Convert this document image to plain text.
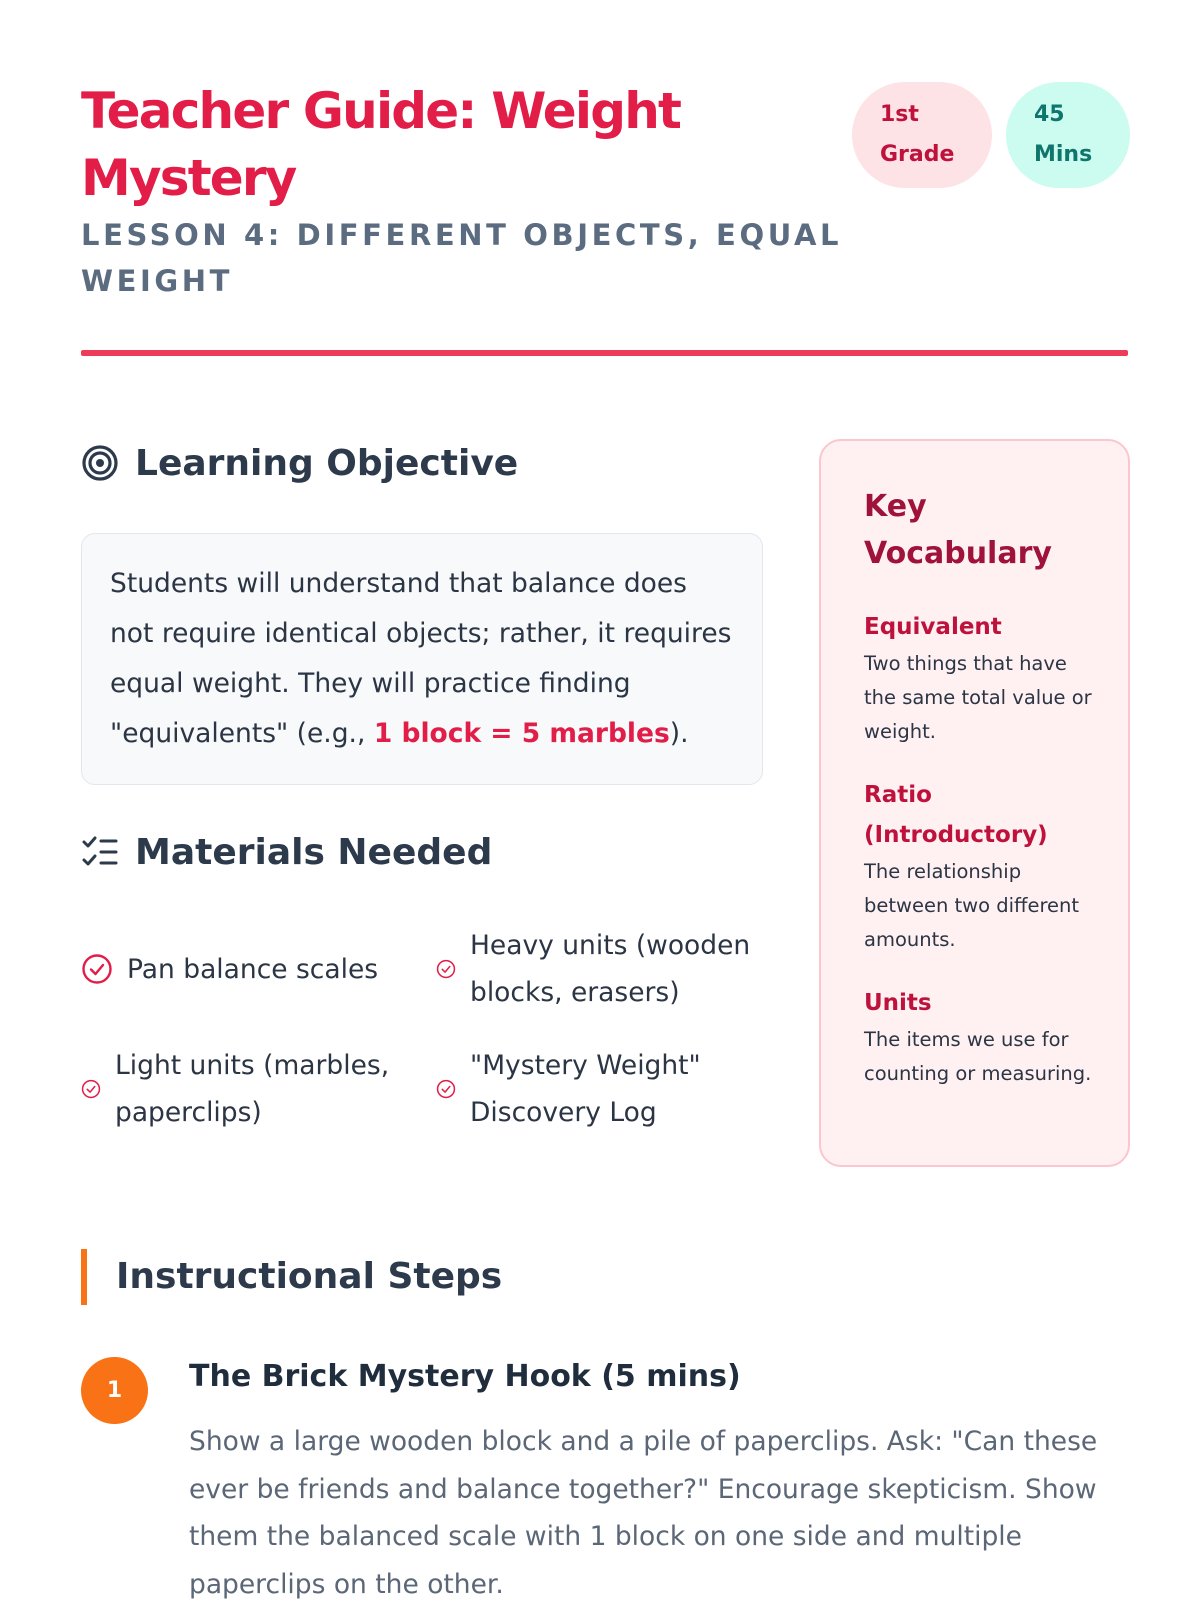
Teacher Guide: Weight Mystery
LESSON 4: DIFFERENT OBJECTS, EQUAL WEIGHT
1st Grade
45 Mins
Learning Objective
Students will understand that balance does not require identical objects; rather, it requires equal weight. They will practice finding "equivalents" (e.g., 1 block = 5 marbles).
Materials Needed
Pan balance scales
Heavy units (wooden blocks, erasers)
Light units (marbles, paperclips)
"Mystery Weight" Discovery Log
Key Vocabulary
Equivalent
Two things that have the same total value or weight.
Ratio (Introductory)
The relationship between two different amounts.
Units
The items we use for counting or measuring.
Instructional Steps
1	The Brick Mystery Hook (5 mins)
Show a large wooden block and a pile of paperclips. Ask: "Can these ever be friends and balance together?" Encourage skepticism. Show them the balanced scale with 1 block on one side and multiple paperclips on the other.
